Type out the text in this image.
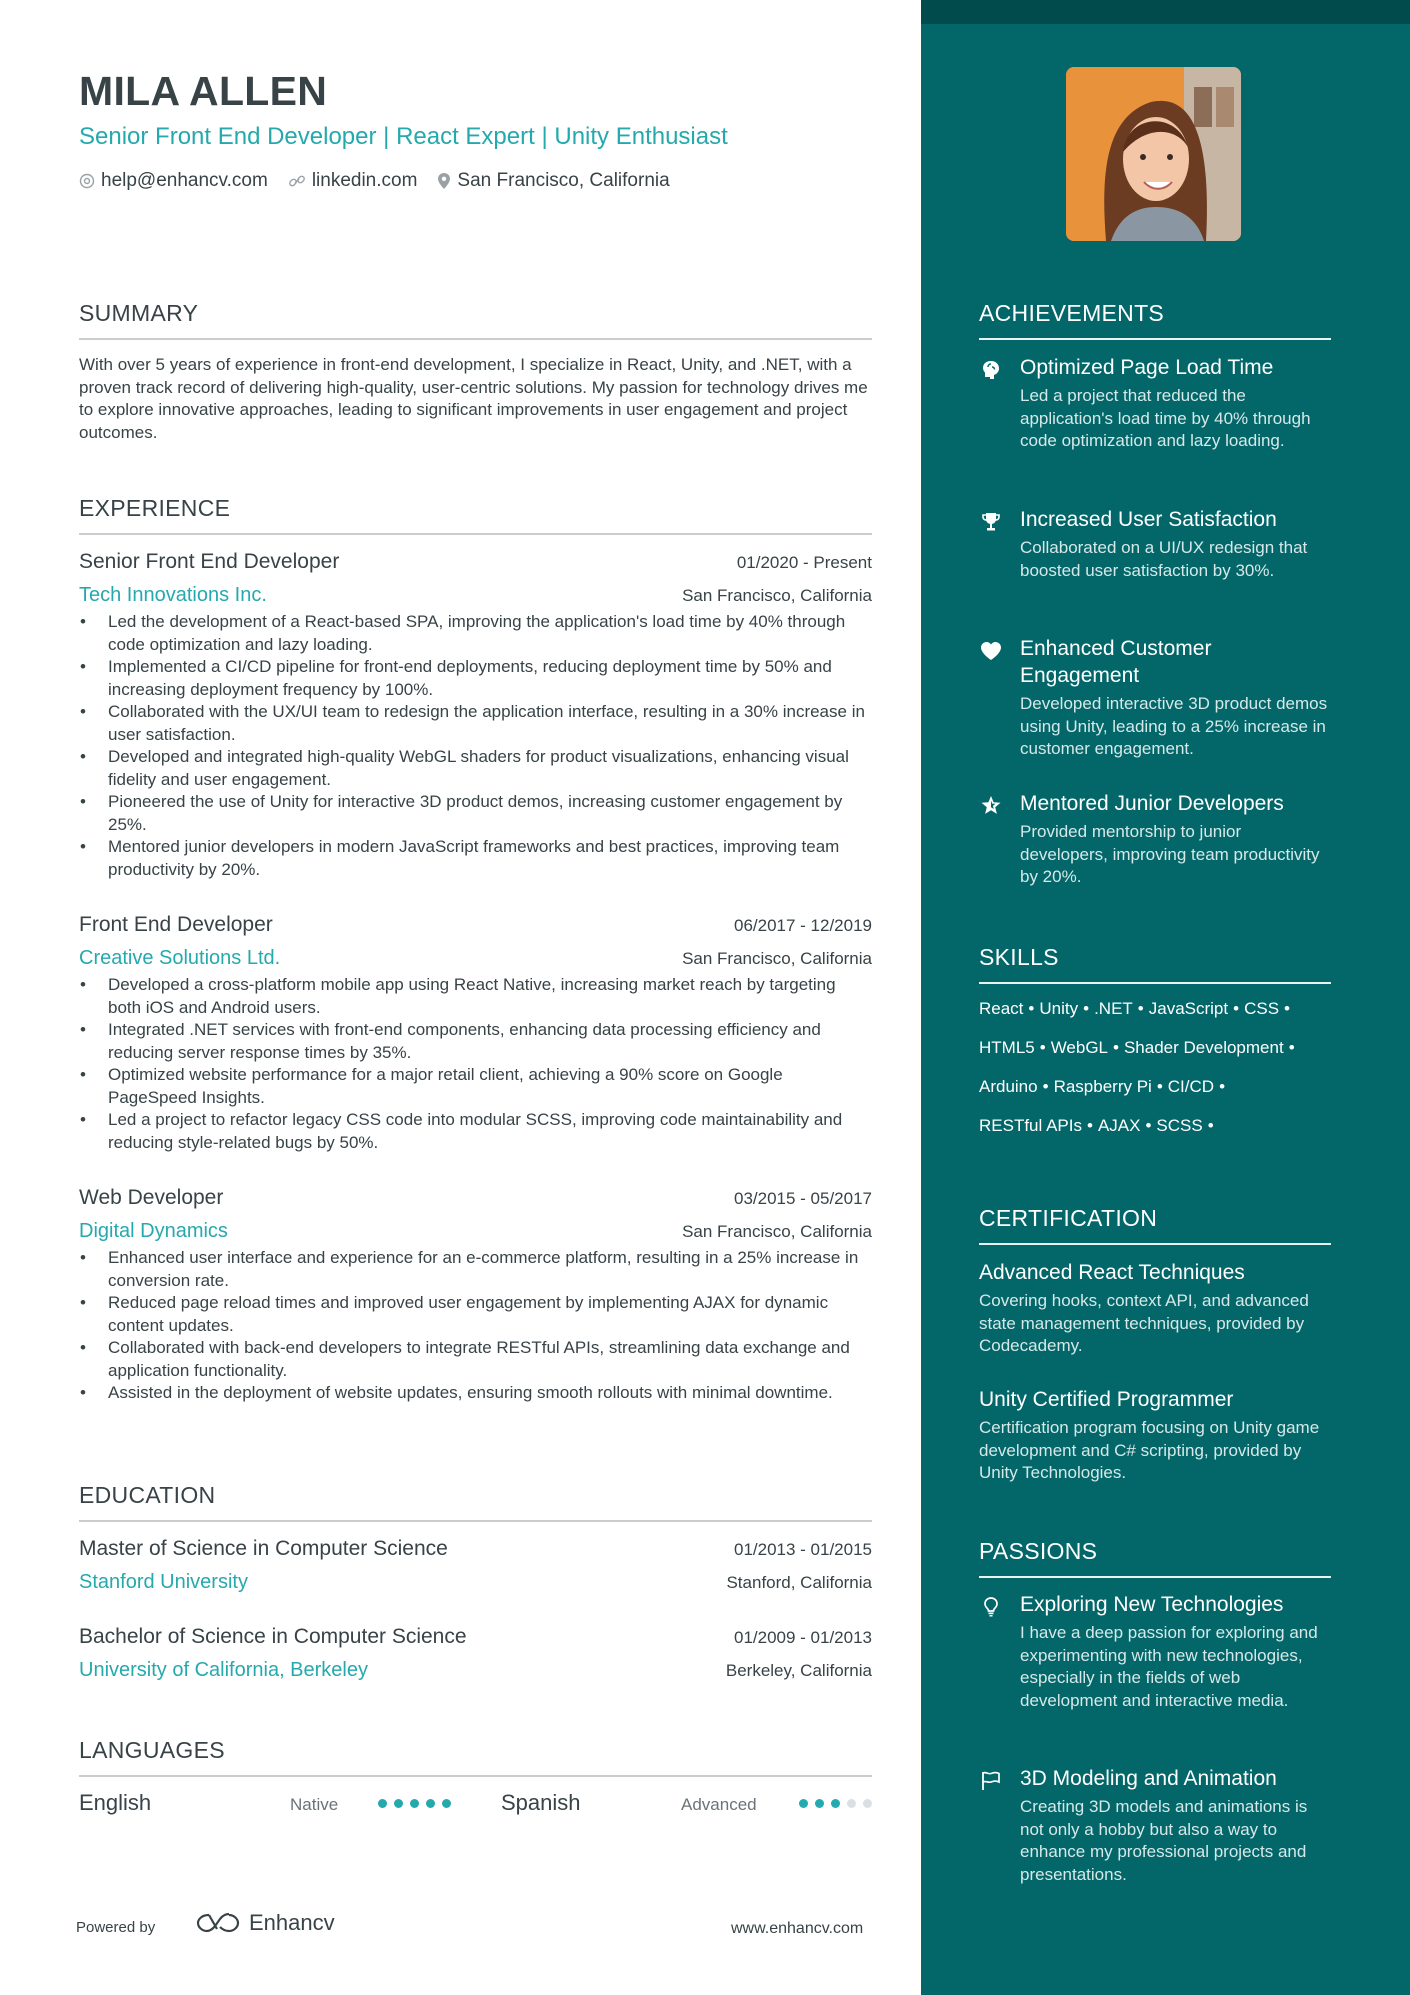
MILA ALLEN
Senior Front End Developer | React Expert | Unity Enthusiast
help@enhancv.com linkedin.com San Francisco, California
SUMMARY
With over 5 years of experience in front-end development, I specialize in React, Unity, and .NET, with a proven track record of delivering high-quality, user-centric solutions. My passion for technology drives me to explore innovative approaches, leading to significant improvements in user engagement and project outcomes.
EXPERIENCE
Senior Front End Developer	01/2020 - Present
Tech Innovations Inc.	San Francisco, California
• Led the development of a React-based SPA, improving the application's load time by 40% through code optimization and lazy loading.
• Implemented a CI/CD pipeline for front-end deployments, reducing deployment time by 50% and increasing deployment frequency by 100%.
• Collaborated with the UX/UI team to redesign the application interface, resulting in a 30% increase in user satisfaction.
• Developed and integrated high-quality WebGL shaders for product visualizations, enhancing visual fidelity and user engagement.
• Pioneered the use of Unity for interactive 3D product demos, increasing customer engagement by 25%.
• Mentored junior developers in modern JavaScript frameworks and best practices, improving team productivity by 20%.
Front End Developer	06/2017 - 12/2019
Creative Solutions Ltd.	San Francisco, California
• Developed a cross-platform mobile app using React Native, increasing market reach by targeting both iOS and Android users.
• Integrated .NET services with front-end components, enhancing data processing efficiency and reducing server response times by 35%.
• Optimized website performance for a major retail client, achieving a 90% score on Google PageSpeed Insights.
• Led a project to refactor legacy CSS code into modular SCSS, improving code maintainability and reducing style-related bugs by 50%.
Web Developer	03/2015 - 05/2017
Digital Dynamics	San Francisco, California
• Enhanced user interface and experience for an e-commerce platform, resulting in a 25% increase in conversion rate.
• Reduced page reload times and improved user engagement by implementing AJAX for dynamic content updates.
• Collaborated with back-end developers to integrate RESTful APIs, streamlining data exchange and application functionality.
• Assisted in the deployment of website updates, ensuring smooth rollouts with minimal downtime.
EDUCATION
Master of Science in Computer Science	01/2013 - 01/2015
Stanford University	Stanford, California
Bachelor of Science in Computer Science	01/2009 - 01/2013
University of California, Berkeley	Berkeley, California
LANGUAGES
English	Native	Spanish	Advanced
Powered by	Enhancv	www.enhancv.com
ACHIEVEMENTS
Optimized Page Load Time
Led a project that reduced the application's load time by 40% through code optimization and lazy loading.
Increased User Satisfaction
Collaborated on a UI/UX redesign that boosted user satisfaction by 30%.
Enhanced Customer Engagement
Developed interactive 3D product demos using Unity, leading to a 25% increase in customer engagement.
Mentored Junior Developers
Provided mentorship to junior developers, improving team productivity by 20%.
SKILLS
React • Unity • .NET • JavaScript • CSS •
HTML5 • WebGL • Shader Development •
Arduino • Raspberry Pi • CI/CD •
RESTful APIs • AJAX • SCSS •
CERTIFICATION
Advanced React Techniques
Covering hooks, context API, and advanced state management techniques, provided by Codecademy.
Unity Certified Programmer
Certification program focusing on Unity game development and C# scripting, provided by Unity Technologies.
PASSIONS
Exploring New Technologies
I have a deep passion for exploring and experimenting with new technologies, especially in the fields of web development and interactive media.
3D Modeling and Animation
Creating 3D models and animations is not only a hobby but also a way to enhance my professional projects and presentations.
